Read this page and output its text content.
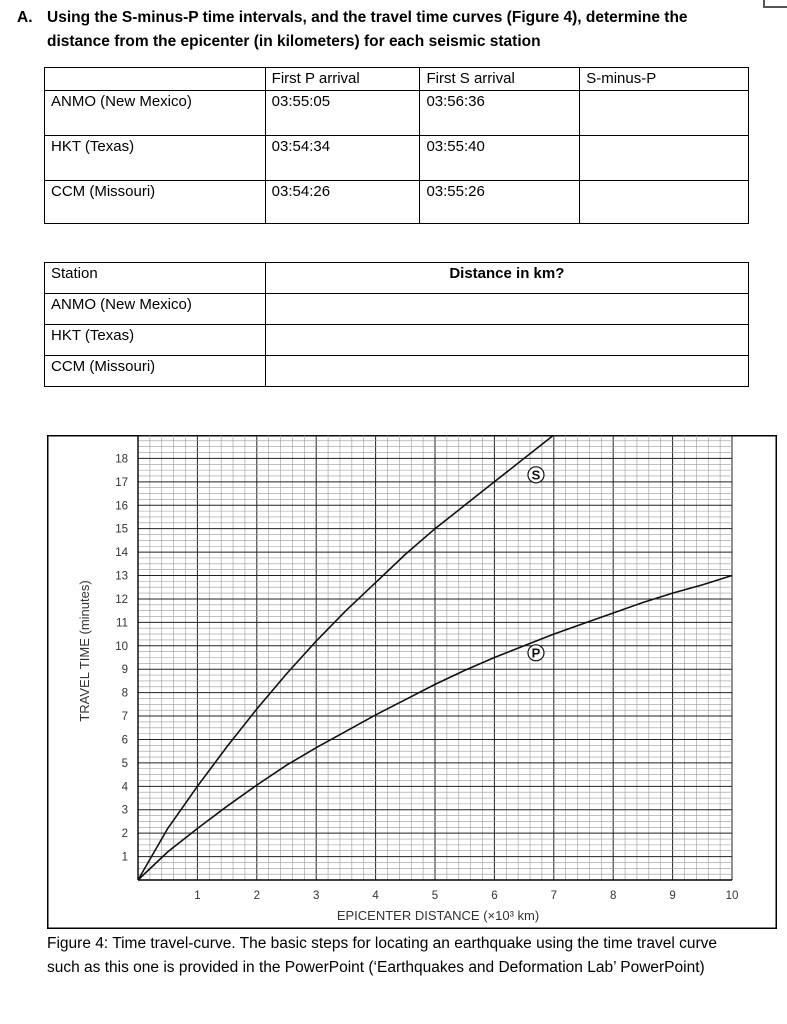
A. Using the S-minus-P time intervals, and the travel time curves (Figure 4), determine the distance from the epicenter (in kilometers) for each seismic station
	First P arrival	First S arrival	S-minus-P
ANMO (New Mexico)	03:55:05	03:56:36	
HKT (Texas)	03:54:34	03:55:40	
CCM (Missouri)	03:54:26	03:55:26	
Station	Distance in km?
ANMO (New Mexico)	
HKT (Texas)	
CCM (Missouri)	
1	2	3	4	5	6	7	8	9	10
1
2
3
4
5
6
7
8
9
10
11
12
13
14
15
16
17
18
S
P
TRAVEL TIME (minutes)
EPICENTER DISTANCE (×10³ km)
Figure 4: Time travel-curve. The basic steps for locating an earthquake using the time travel curve such as this one is provided in the PowerPoint (‘Earthquakes and Deformation Lab’ PowerPoint)
